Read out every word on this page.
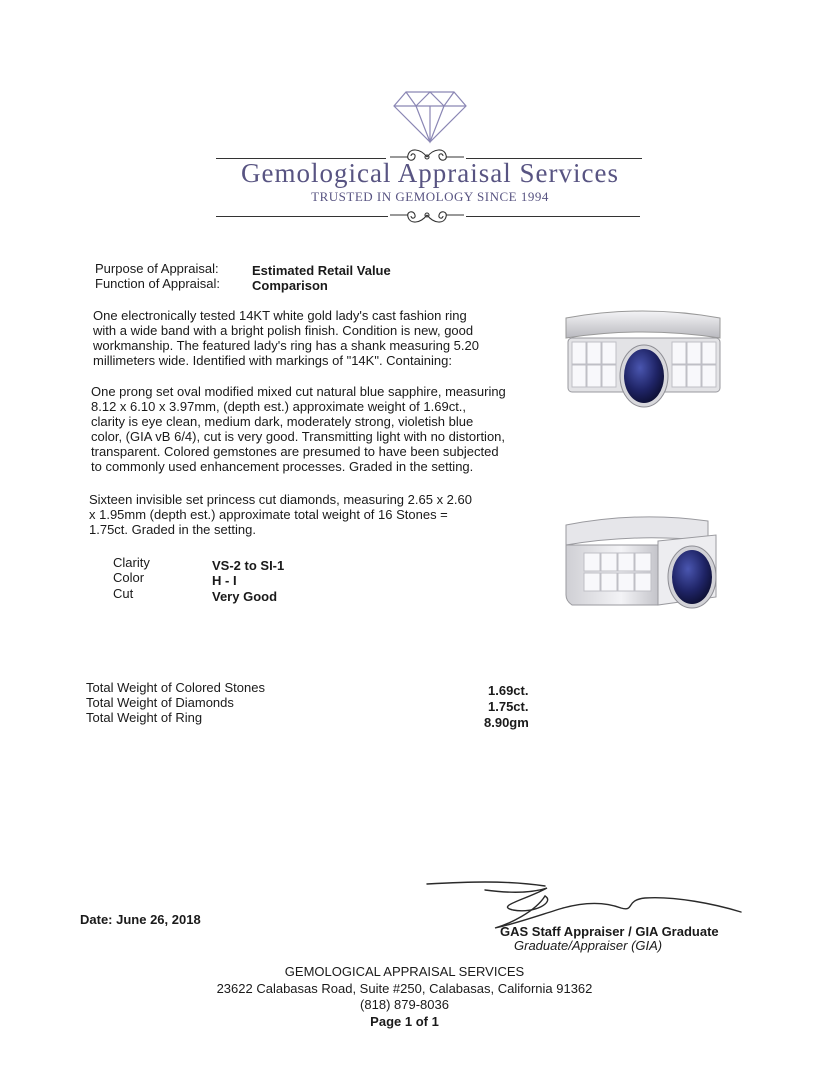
Gemological Appraisal Services
TRUSTED IN GEMOLOGY SINCE 1994
Purpose of Appraisal:	Estimated Retail Value
Function of Appraisal: Comparison
One electronically tested 14KT white gold lady's cast fashion ring
with a wide band with a bright polish finish. Condition is new, good
workmanship. The featured lady's ring has a shank measuring 5.20
millimeters wide. Identified with markings of "14K". Containing:
One prong set oval modified mixed cut natural blue sapphire, measuring
8.12 x 6.10 x 3.97mm, (depth est.) approximate weight of 1.69ct.,
clarity is eye clean, medium dark, moderately strong, violetish blue
color, (GIA vB 6/4), cut is very good. Transmitting light with no distortion,
transparent. Colored gemstones are presumed to have been subjected
to commonly used enhancement processes. Graded in the setting.
Sixteen invisible set princess cut diamonds, measuring 2.65 x 2.60
x 1.95mm (depth est.) approximate total weight of 16 Stones =
1.75ct. Graded in the setting.
Clarity	VS-2 to SI-1
Color	H - I
Cut	Very Good
Total Weight of Colored Stones	1.69ct.
Total Weight of Diamonds	1.75ct.
Total Weight of Ring	8.90gm
Date: June 26, 2018
GAS Staff Appraiser / GIA Graduate
Graduate/Appraiser (GIA)
GEMOLOGICAL APPRAISAL SERVICES
23622 Calabasas Road, Suite #250, Calabasas, California 91362
(818) 879-8036
Page 1 of 1
